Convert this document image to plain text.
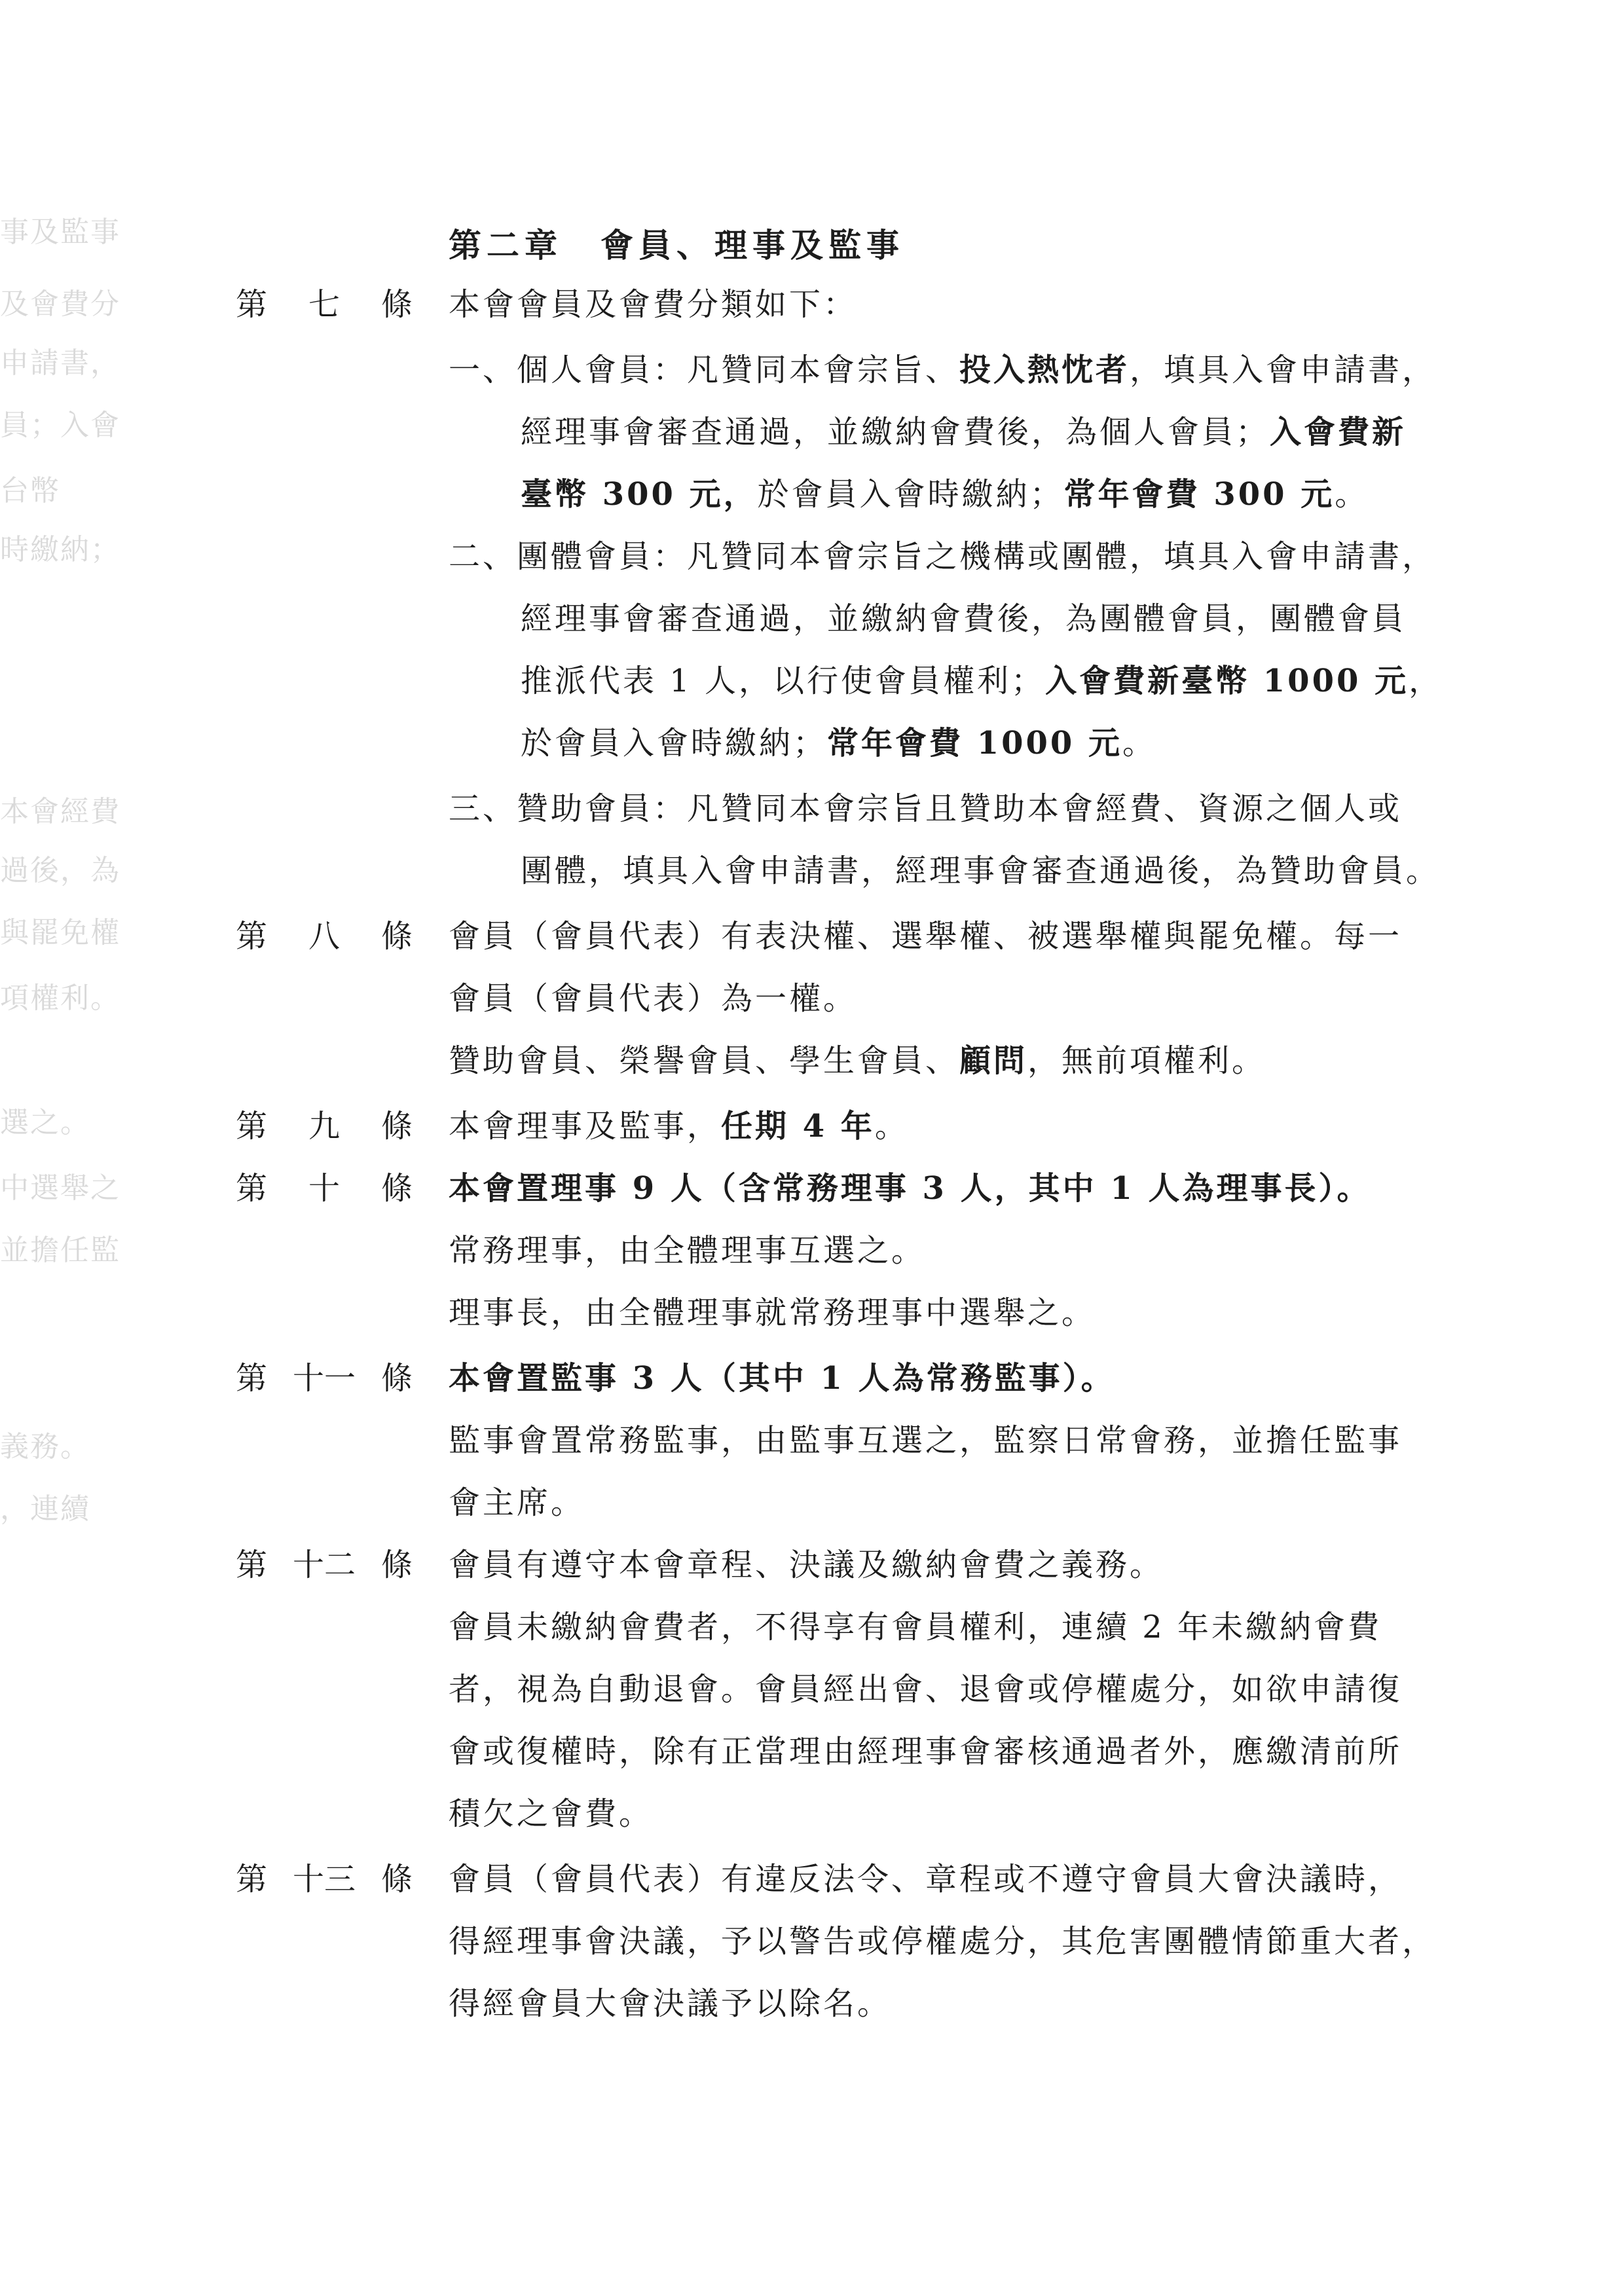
事及監事
及會費分
申請書，
員；入會
台幣
時繳納；
本會經費
過後，為
與罷免權
項權利。
選之。
中選舉之
並擔任監
義務。
，連續
第二章　會員、理事及監事
第 七 條 本會會員及會費分類如下：
一、個人會員：凡贊同本會宗旨、投入熱忱者，填具入會申請書，
經理事會審查通過，並繳納會費後，為個人會員；入會費新
臺幣 300 元，於會員入會時繳納；常年會費 300 元。
二、團體會員：凡贊同本會宗旨之機構或團體，填具入會申請書，
經理事會審查通過，並繳納會費後，為團體會員，團體會員
推派代表 1 人，以行使會員權利；入會費新臺幣 1000 元，
於會員入會時繳納；常年會費 1000 元。
三、贊助會員：凡贊同本會宗旨且贊助本會經費、資源之個人或
團體，填具入會申請書，經理事會審查通過後，為贊助會員。
第 八 條 會員（會員代表）有表決權、選舉權、被選舉權與罷免權。每一
會員（會員代表）為一權。
贊助會員、榮譽會員、學生會員、顧問，無前項權利。
第 九 條 本會理事及監事，任期 4 年。
第 十 條 本會置理事 9 人（含常務理事 3 人，其中 1 人為理事長）。
常務理事，由全體理事互選之。
理事長，由全體理事就常務理事中選舉之。
第 十一 條 本會置監事 3 人（其中 1 人為常務監事）。
監事會置常務監事，由監事互選之，監察日常會務，並擔任監事
會主席。
第 十二 條 會員有遵守本會章程、決議及繳納會費之義務。
會員未繳納會費者，不得享有會員權利，連續 2 年未繳納會費
者，視為自動退會。會員經出會、退會或停權處分，如欲申請復
會或復權時，除有正當理由經理事會審核通過者外，應繳清前所
積欠之會費。
第 十三 條 會員（會員代表）有違反法令、章程或不遵守會員大會決議時，
得經理事會決議，予以警告或停權處分，其危害團體情節重大者，
得經會員大會決議予以除名。
